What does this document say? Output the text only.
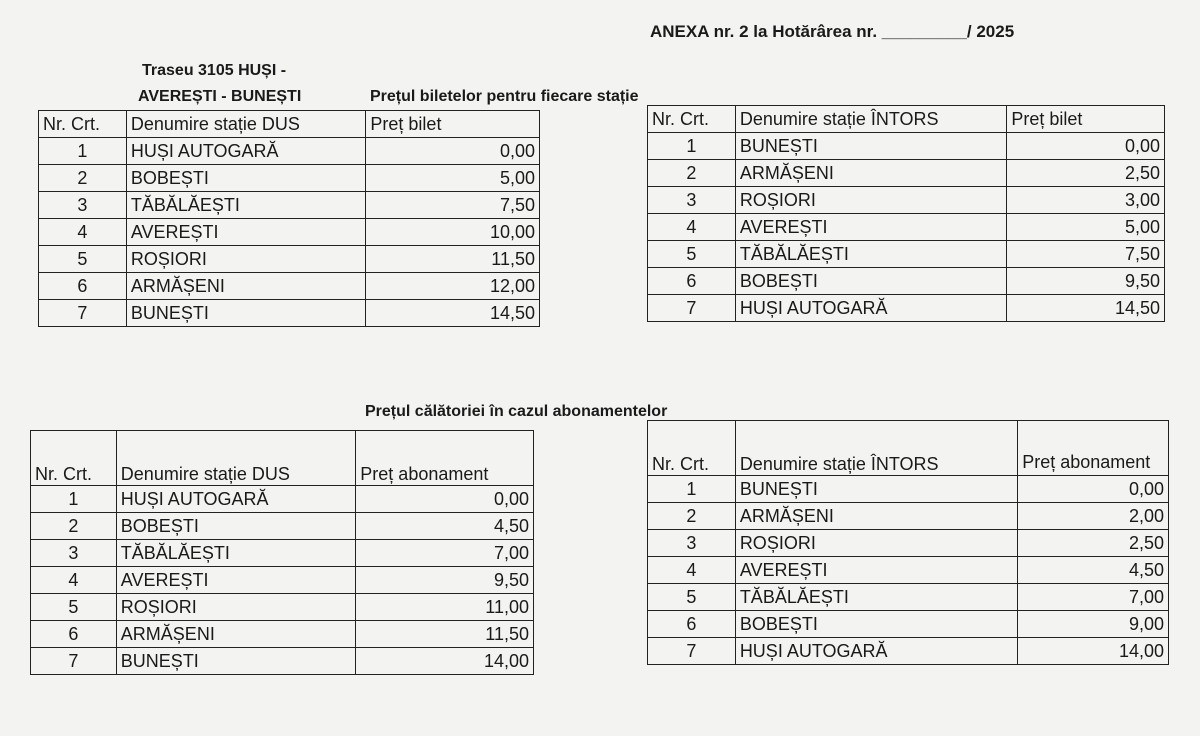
ANEXA nr. 2 la Hotărârea nr. _________/ 2025
Traseu 3105 HUȘI -
AVEREȘTI - BUNEȘTI	Prețul biletelor pentru fiecare stație
Prețul călătoriei în cazul abonamentelor
Nr. Crt.	Denumire stație DUS	Preț bilet
1	HUȘI AUTOGARĂ	0,00
2	BOBEȘTI	5,00
3	TĂBĂLĂEȘTI	7,50
4	AVEREȘTI	10,00
5	ROȘIORI	11,50
6	ARMĂȘENI	12,00
7	BUNEȘTI	14,50
Nr. Crt.	Denumire stație ÎNTORS	Preț bilet
1	BUNEȘTI	0,00
2	ARMĂȘENI	2,50
3	ROȘIORI	3,00
4	AVEREȘTI	5,00
5	TĂBĂLĂEȘTI	7,50
6	BOBEȘTI	9,50
7	HUȘI AUTOGARĂ	14,50
Nr. Crt.	Denumire stație DUS	Preț abonament
1	HUȘI AUTOGARĂ	0,00
2	BOBEȘTI	4,50
3	TĂBĂLĂEȘTI	7,00
4	AVEREȘTI	9,50
5	ROȘIORI	11,00
6	ARMĂȘENI	11,50
7	BUNEȘTI	14,00
Nr. Crt.	Denumire stație ÎNTORS	Preț abonament
1	BUNEȘTI	0,00
2	ARMĂȘENI	2,00
3	ROȘIORI	2,50
4	AVEREȘTI	4,50
5	TĂBĂLĂEȘTI	7,00
6	BOBEȘTI	9,00
7	HUȘI AUTOGARĂ	14,00
